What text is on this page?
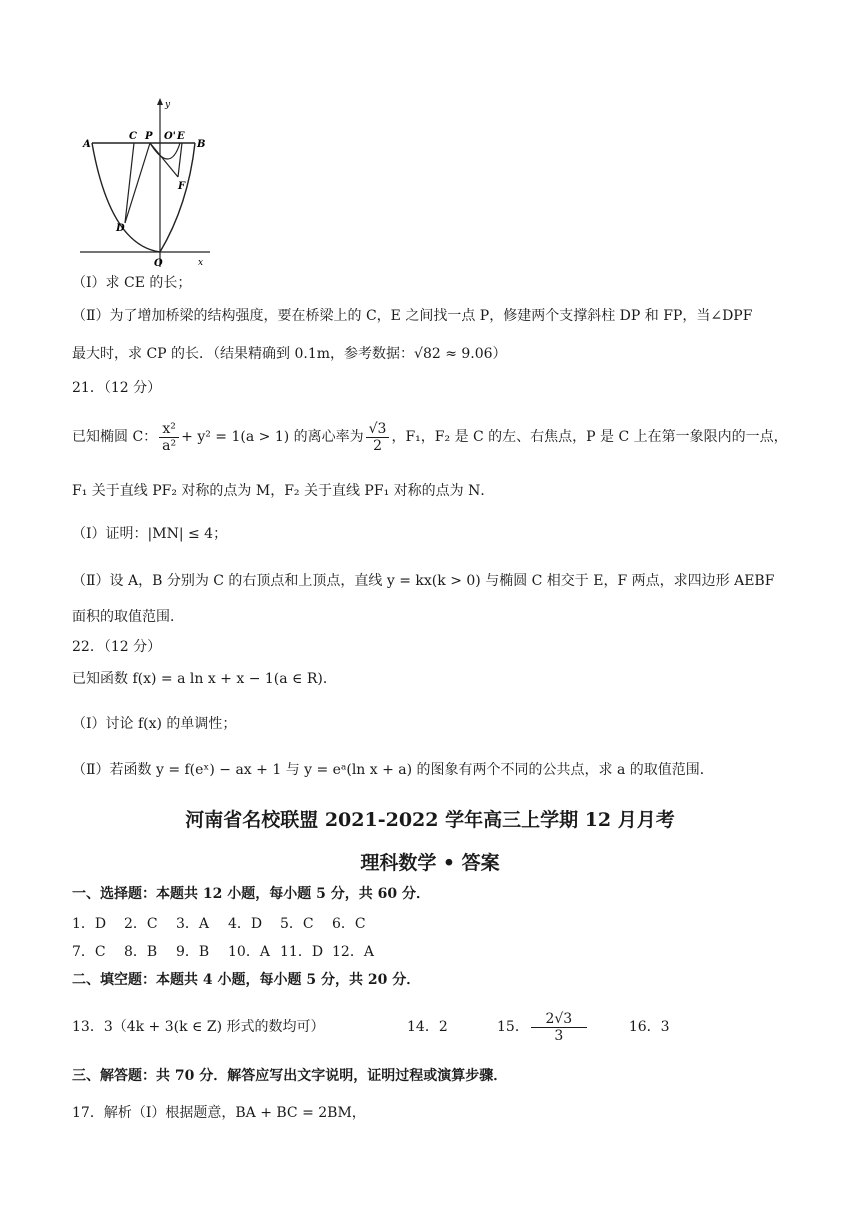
A
C P O' E
B
D
F
O
y
x
（Ⅰ）求 CE 的长；
（Ⅱ）为了增加桥梁的结构强度，要在桥梁上的 C，E 之间找一点 P，修建两个支撑斜柱 DP 和 FP，当∠DPF
最大时，求 CP 的长．（结果精确到 0.1m，参考数据：√82 ≈ 9.06）
21．（12 分）
已知椭圆 C： $\frac{\text{x²}}{\text{a²}} + y^2 = 1(a > 1)$ 的离心率为 $\frac{√3}{2}$ ，F₁，F₂ 是 C 的左、右焦点，P 是 C 上在第一象限内的一点，
F₁ 关于直线 PF₂ 对称的点为 M，F₂ 关于直线 PF₁ 对称的点为 N．
（Ⅰ）证明：|MN| ≤ 4；
（Ⅱ）设 A，B 分别为 C 的右顶点和上顶点，直线 y = kx(k > 0) 与椭圆 C 相交于 E，F 两点，求四边形 AEBF
面积的取值范围．
22．（12 分）
已知函数 f(x) = a ln x + x − 1(a ∈ R)．
（Ⅰ）讨论 f(x) 的单调性；
（Ⅱ）若函数 y = f(eˣ) − ax + 1 与 y = eᵃ(ln x + a) 的图象有两个不同的公共点，求 a 的取值范围．
河南省名校联盟 2021-2022 学年高三上学期 12 月月考
理科数学 • 答案
一、选择题：本题共 12 小题，每小题 5 分，共 60 分．
1．D 2．C 3．A 4．D 5．C 6．C
7．C 8．B 9．B 10．A 11．D 12．A
二、填空题：本题共 4 小题，每小题 5 分，共 20 分．
13．3（4k + 3(k ∈ Z) 形式的数均可）	14．2	15． $\frac{2√3}{3}$	16．3
三、解答题：共 70 分．解答应写出文字说明，证明过程或演算步骤．
17．解析（Ⅰ）根据题意，BA + BC = 2BM，
